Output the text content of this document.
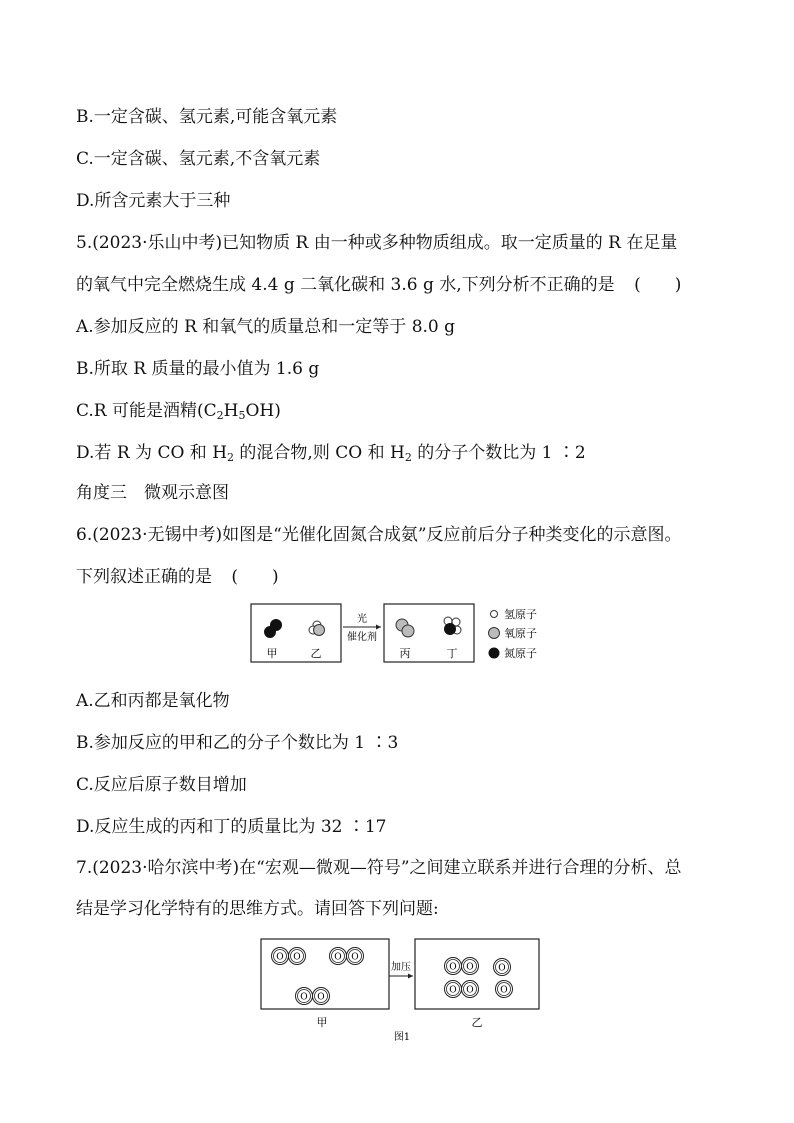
B.一定含碳、氢元素,可能含氧元素
C.一定含碳、氢元素,不含氧元素
D.所含元素大于三种
5.(2023·乐山中考)已知物质 R 由一种或多种物质组成。取一定质量的 R 在足量
的氧气中完全燃烧生成 4.4 g 二氧化碳和 3.6 g 水,下列分析不正确的是 (　　)
A.参加反应的 R 和氧气的质量总和一定等于 8.0 g
B.所取 R 质量的最小值为 1.6 g
C.R 可能是酒精$(C_2H_5OH)$
D.若 R 为 CO 和 $H_2$ 的混合物,则 CO 和 $H_2$ 的分子个数比为 1 ∶2
角度三　微观示意图
6.(2023·无锡中考)如图是“光催化固氮合成氨”反应前后分子种类变化的示意图。
下列叙述正确的是 (　　)
甲	乙
光
催化剂
丙	丁
氢原子
氧原子
氮原子
A.乙和丙都是氧化物
B.参加反应的甲和乙的分子个数比为 1 ∶3
C.反应后原子数目增加
D.反应生成的丙和丁的质量比为 32 ∶17
7.(2023·哈尔滨中考)在“宏观—微观—符号”之间建立联系并进行合理的分析、总
结是学习化学特有的思维方式。请回答下列问题:
O O	O O
O O
O O	O
O O	O
加压
甲	乙
图1
